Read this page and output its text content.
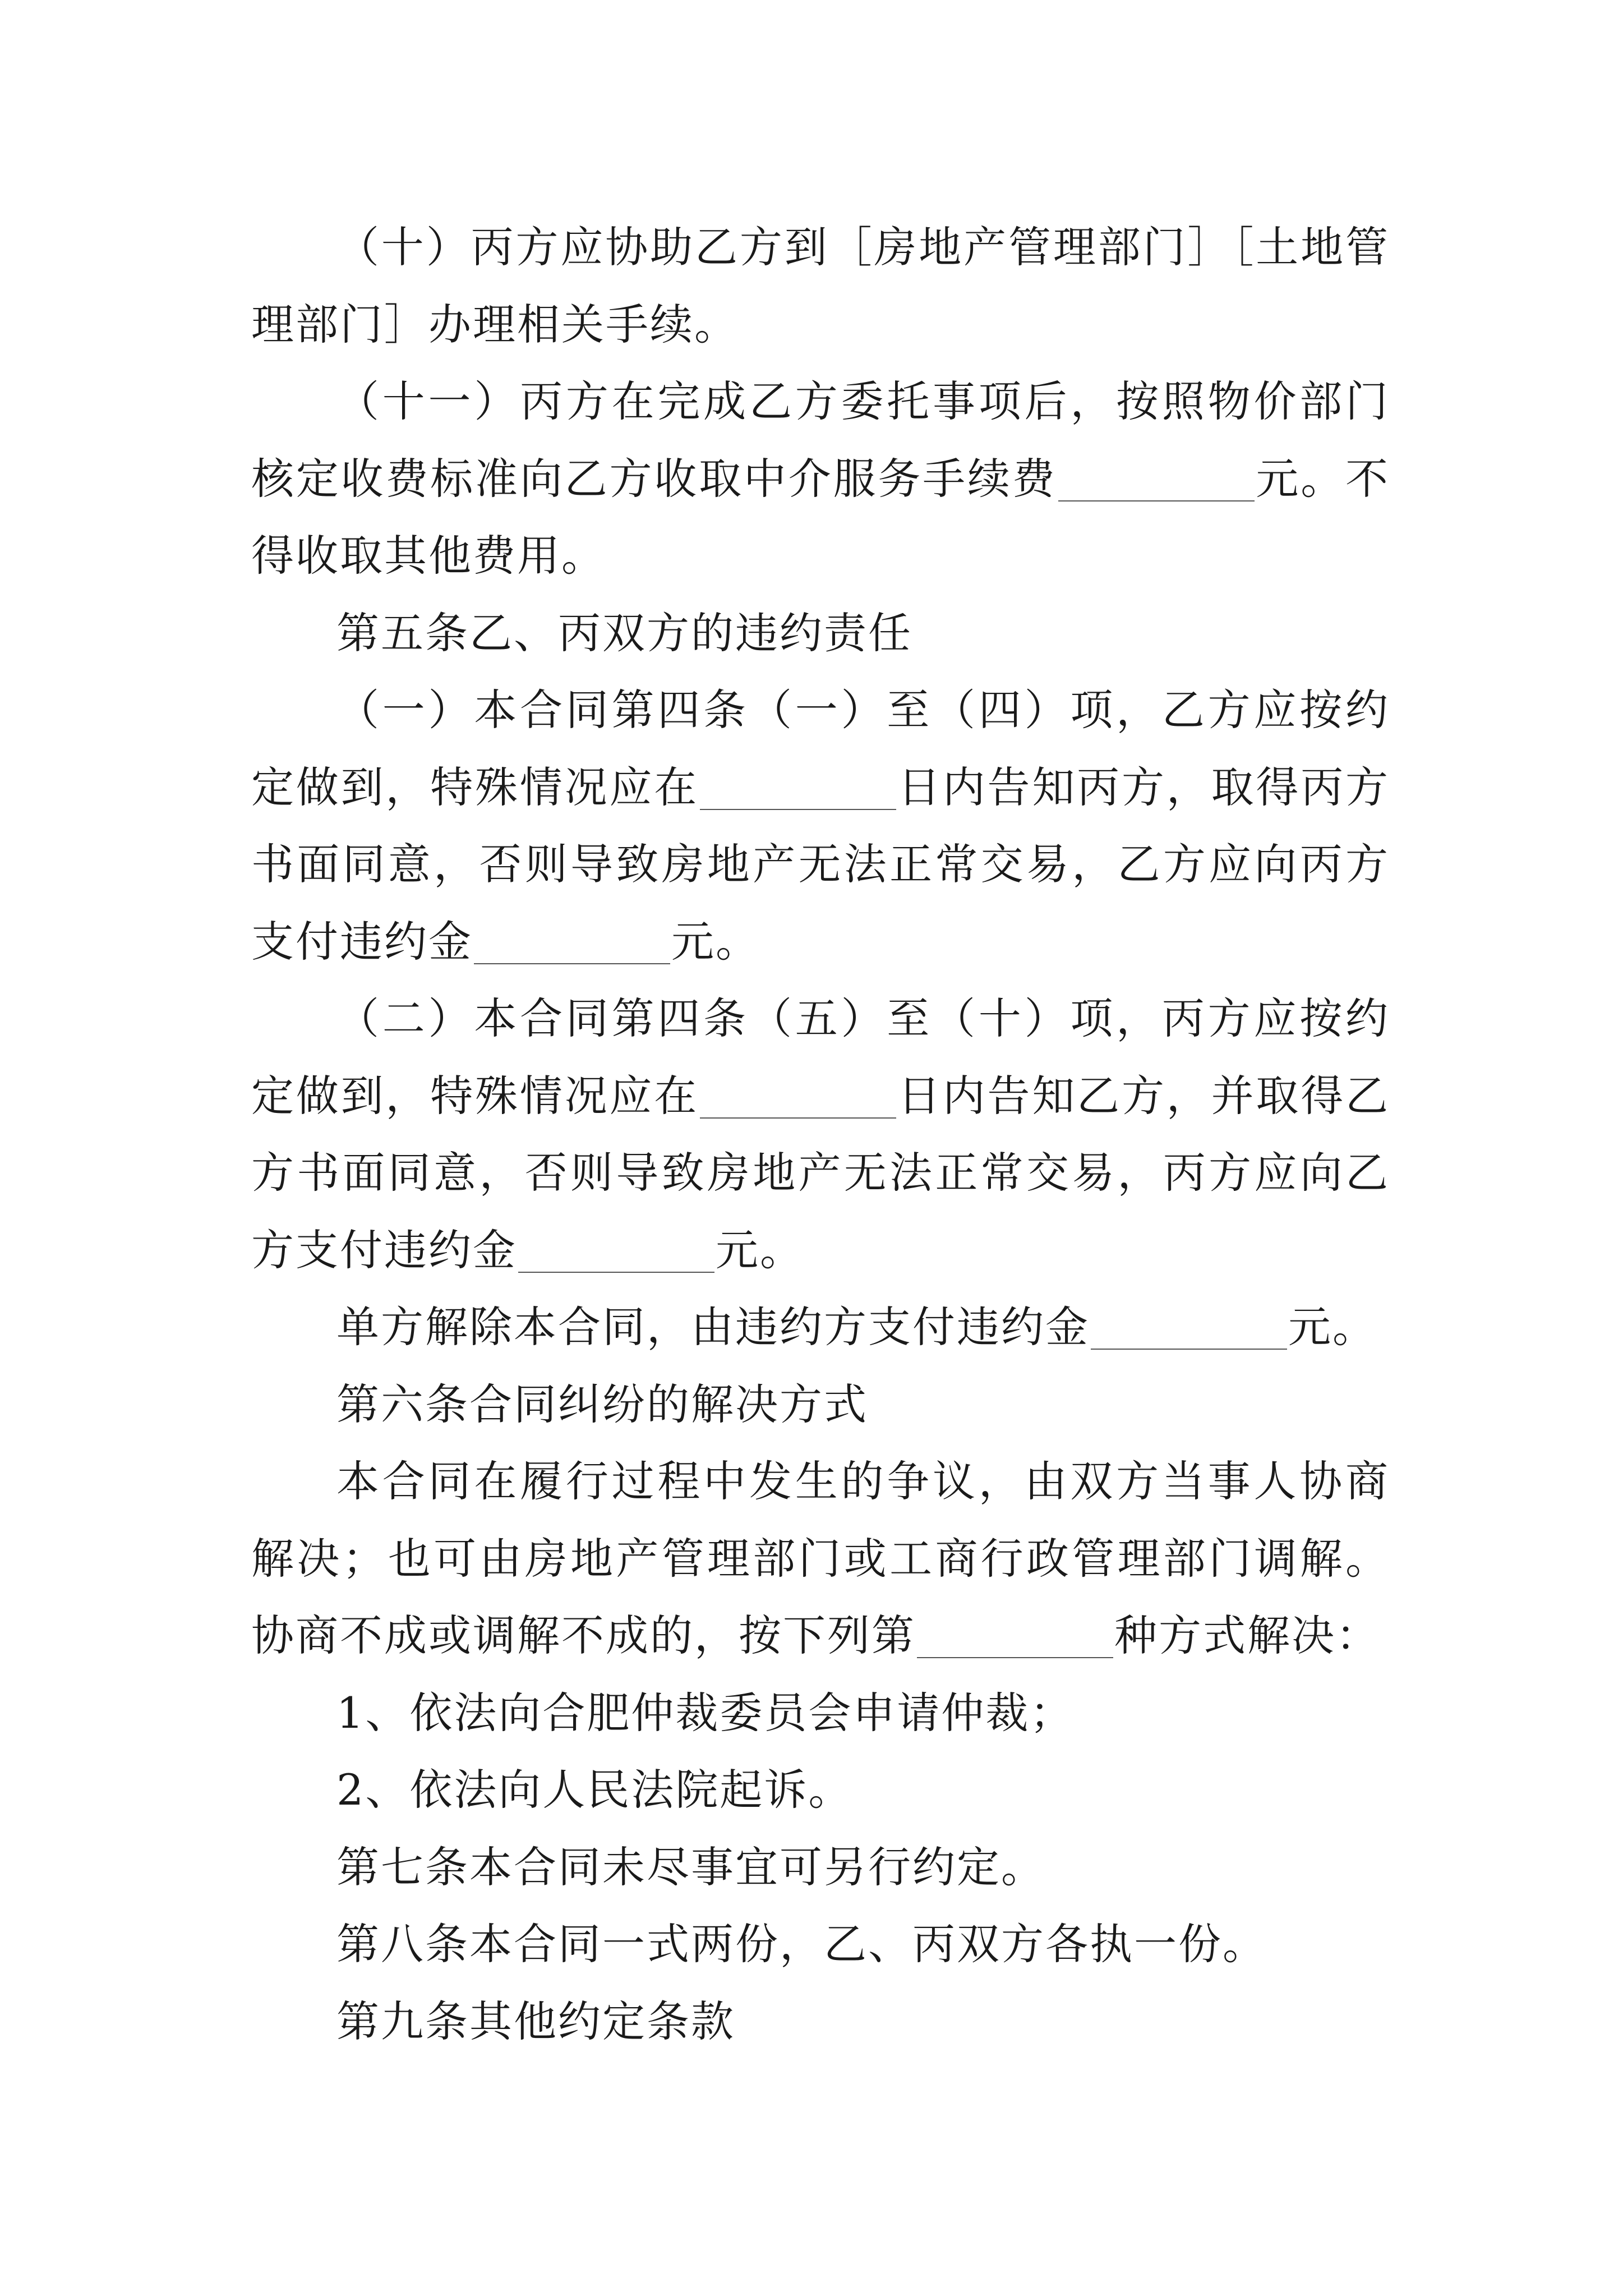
（十）丙方应协助乙方到［房地产管理部门］［土地管理部门］办理相关手续。

（十一）丙方在完成乙方委托事项后，按照物价部门核定收费标准向乙方收取中介服务手续费	元。不得收取其他费用。

第五条乙、丙双方的违约责任

（一）本合同第四条（一）至（四）项，乙方应按约定做到，特殊情况应在	日内告知丙方，取得丙方书面同意，否则导致房地产无法正常交易，乙方应向丙方支付违约金	元。

（二）本合同第四条（五）至（十）项，丙方应按约定做到，特殊情况应在	日内告知乙方，并取得乙方书面同意，否则导致房地产无法正常交易，丙方应向乙方支付违约金	元。

单方解除本合同，由违约方支付违约金	元。

第六条合同纠纷的解决方式

本合同在履行过程中发生的争议，由双方当事人协商解决；也可由房地产管理部门或工商行政管理部门调解。协商不成或调解不成的，按下列第	种方式解决：

1、依法向合肥仲裁委员会申请仲裁；

2、依法向人民法院起诉。

第七条本合同未尽事宜可另行约定。

第八条本合同一式两份，乙、丙双方各执一份。

第九条其他约定条款
